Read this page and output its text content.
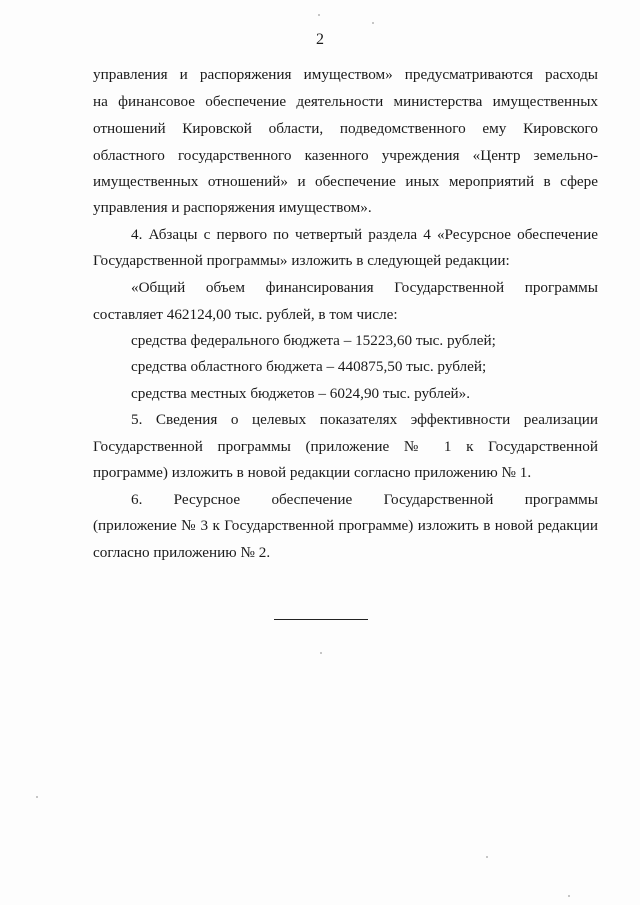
2
управления и распоряжения имуществом» предусматриваются расходы
на финансовое обеспечение деятельности министерства имущественных
отношений Кировской области, подведомственного ему Кировского
областного государственного казенного учреждения «Центр земельно-
имущественных отношений» и обеспечение иных мероприятий в сфере
управления и распоряжения имуществом».
4. Абзацы с первого по четвертый раздела 4 «Ресурсное обеспечение
Государственной программы» изложить в следующей редакции:
«Общий объем финансирования Государственной программы
составляет 462124,00 тыс. рублей, в том числе:
средства федерального бюджета – 15223,60 тыс. рублей;
средства областного бюджета – 440875,50 тыс. рублей;
средства местных бюджетов – 6024,90 тыс. рублей».
5. Сведения о целевых показателях эффективности реализации
Государственной программы (приложение № 1 к Государственной
программе) изложить в новой редакции согласно приложению № 1.
6. Ресурсное обеспечение Государственной программы
(приложение № 3 к Государственной программе) изложить в новой редакции
согласно приложению № 2.
